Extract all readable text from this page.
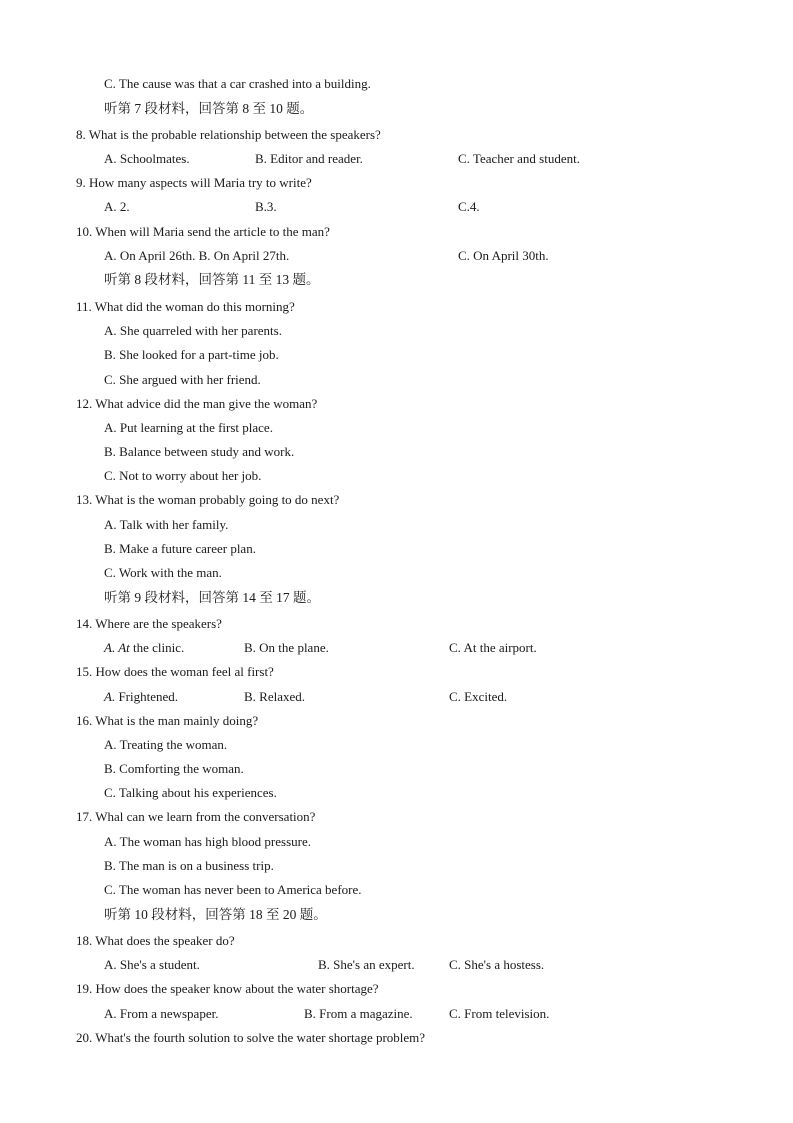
C. The cause was that a car crashed into a building.
听第 7 段材料，回答第 8 至 10 题。
8. What is the probable relationship between the speakers?
A. Schoolmates.	B. Editor and reader.	C. Teacher and student.
9. How many aspects will Maria try to write?
A. 2.	B.3.	C.4.
10. When will Maria send the article to the man?
A. On April 26th. B. On April 27th.	C. On April 30th.
听第 8 段材料，回答第 11 至 13 题。
11. What did the woman do this morning?
A. She quarreled with her parents.
B. She looked for a part-time job.
C. She argued with her friend.
12. What advice did the man give the woman?
A. Put learning at the first place.
B. Balance between study and work.
C. Not to worry about her job.
13. What is the woman probably going to do next?
A. Talk with her family.
B. Make a future career plan.
C. Work with the man.
听第 9 段材料，回答第 14 至 17 题。
14. Where are the speakers?
A. At the clinic.	B. On the plane.	C. At the airport.
15. How does the woman feel al first?
A. Frightened.	B. Relaxed.	C. Excited.
16. What is the man mainly doing?
A. Treating the woman.
B. Comforting the woman.
C. Talking about his experiences.
17. Whal can we learn from the conversation?
A. The woman has high blood pressure.
B. The man is on a business trip.
C. The woman has never been to America before.
听第 10 段材料，回答第 18 至 20 题。
18. What does the speaker do?
A. She's a student.	B. She's an expert.	C. She's a hostess.
19. How does the speaker know about the water shortage?
A. From a newspaper.	B. From a magazine.	C. From television.
20. What's the fourth solution to solve the water shortage problem?
